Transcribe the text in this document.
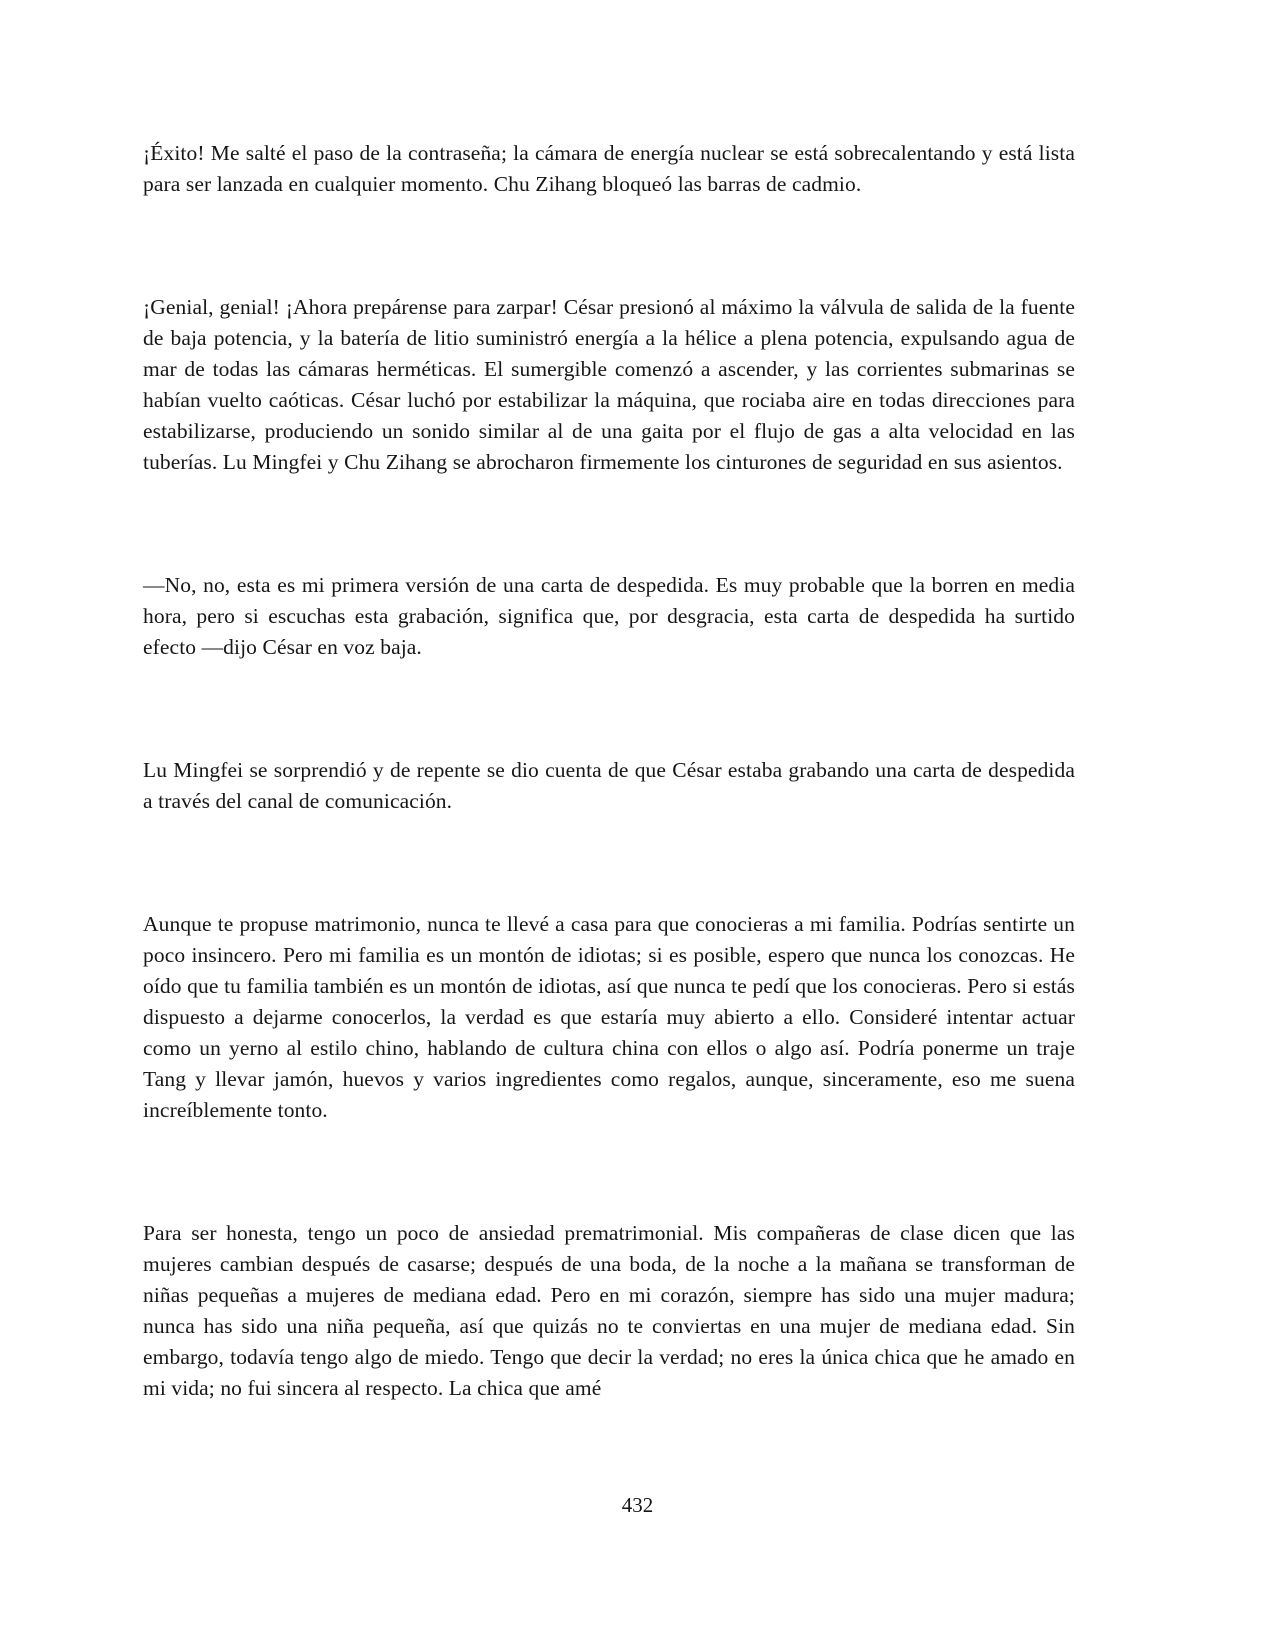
¡Éxito! Me salté el paso de la contraseña; la cámara de energía nuclear se está sobrecalentando y está lista para ser lanzada en cualquier momento. Chu Zihang bloqueó las barras de cadmio.

¡Genial, genial! ¡Ahora prepárense para zarpar! César presionó al máximo la válvula de salida de la fuente de baja potencia, y la batería de litio suministró energía a la hélice a plena potencia, expulsando agua de mar de todas las cámaras herméticas. El sumergible comenzó a ascender, y las corrientes submarinas se habían vuelto caóticas. César luchó por estabilizar la máquina, que rociaba aire en todas direcciones para estabilizarse, produciendo un sonido similar al de una gaita por el flujo de gas a alta velocidad en las tuberías. Lu Mingfei y Chu Zihang se abrocharon firmemente los cinturones de seguridad en sus asientos.

—No, no, esta es mi primera versión de una carta de despedida. Es muy probable que la borren en media hora, pero si escuchas esta grabación, significa que, por desgracia, esta carta de despedida ha surtido efecto —dijo César en voz baja.

Lu Mingfei se sorprendió y de repente se dio cuenta de que César estaba grabando una carta de despedida a través del canal de comunicación.

Aunque te propuse matrimonio, nunca te llevé a casa para que conocieras a mi familia. Podrías sentirte un poco insincero. Pero mi familia es un montón de idiotas; si es posible, espero que nunca los conozcas. He oído que tu familia también es un montón de idiotas, así que nunca te pedí que los conocieras. Pero si estás dispuesto a dejarme conocerlos, la verdad es que estaría muy abierto a ello. Consideré intentar actuar como un yerno al estilo chino, hablando de cultura china con ellos o algo así. Podría ponerme un traje Tang y llevar jamón, huevos y varios ingredientes como regalos, aunque, sinceramente, eso me suena increíblemente tonto.

Para ser honesta, tengo un poco de ansiedad prematrimonial. Mis compañeras de clase dicen que las mujeres cambian después de casarse; después de una boda, de la noche a la mañana se transforman de niñas pequeñas a mujeres de mediana edad. Pero en mi corazón, siempre has sido una mujer madura; nunca has sido una niña pequeña, así que quizás no te conviertas en una mujer de mediana edad. Sin embargo, todavía tengo algo de miedo. Tengo que decir la verdad; no eres la única chica que he amado en mi vida; no fui sincera al respecto. La chica que amé

432
